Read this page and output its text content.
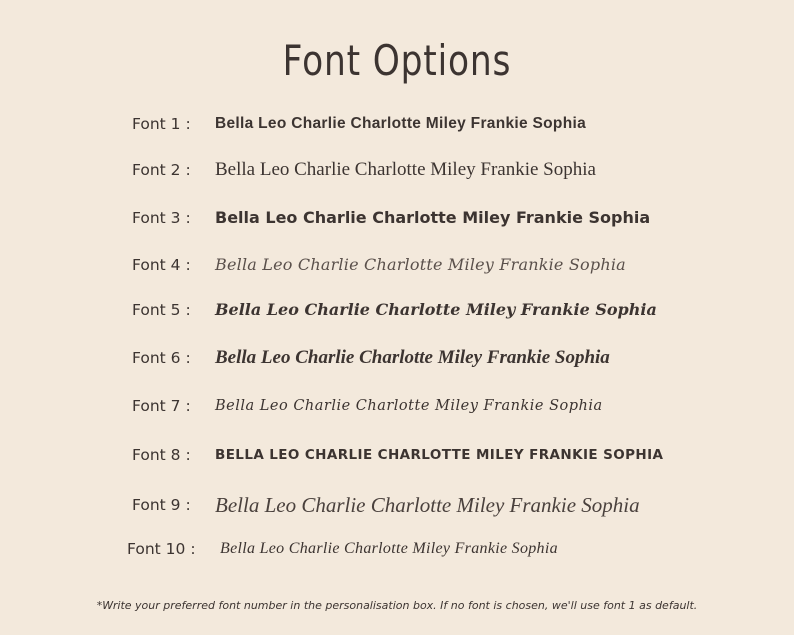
Font Options
Font 1 : Bella Leo Charlie Charlotte Miley Frankie Sophia
Font 2 : Bella Leo Charlie Charlotte Miley Frankie Sophia
Font 3 : Bella Leo Charlie Charlotte Miley Frankie Sophia
Font 4 : Bella Leo Charlie Charlotte Miley Frankie Sophia
Font 5 : Bella Leo Charlie Charlotte Miley Frankie Sophia
Font 6 : Bella Leo Charlie Charlotte Miley Frankie Sophia
Font 7 : Bella Leo Charlie Charlotte Miley Frankie Sophia
Font 8 : BELLA LEO CHARLIE CHARLOTTE MILEY FRANKIE SOPHIA
Font 9 : Bella Leo Charlie Charlotte Miley Frankie Sophia
Font 10 : Bella Leo Charlie Charlotte Miley Frankie Sophia
*Write your preferred font number in the personalisation box. If no font is chosen, we'll use font 1 as default.
